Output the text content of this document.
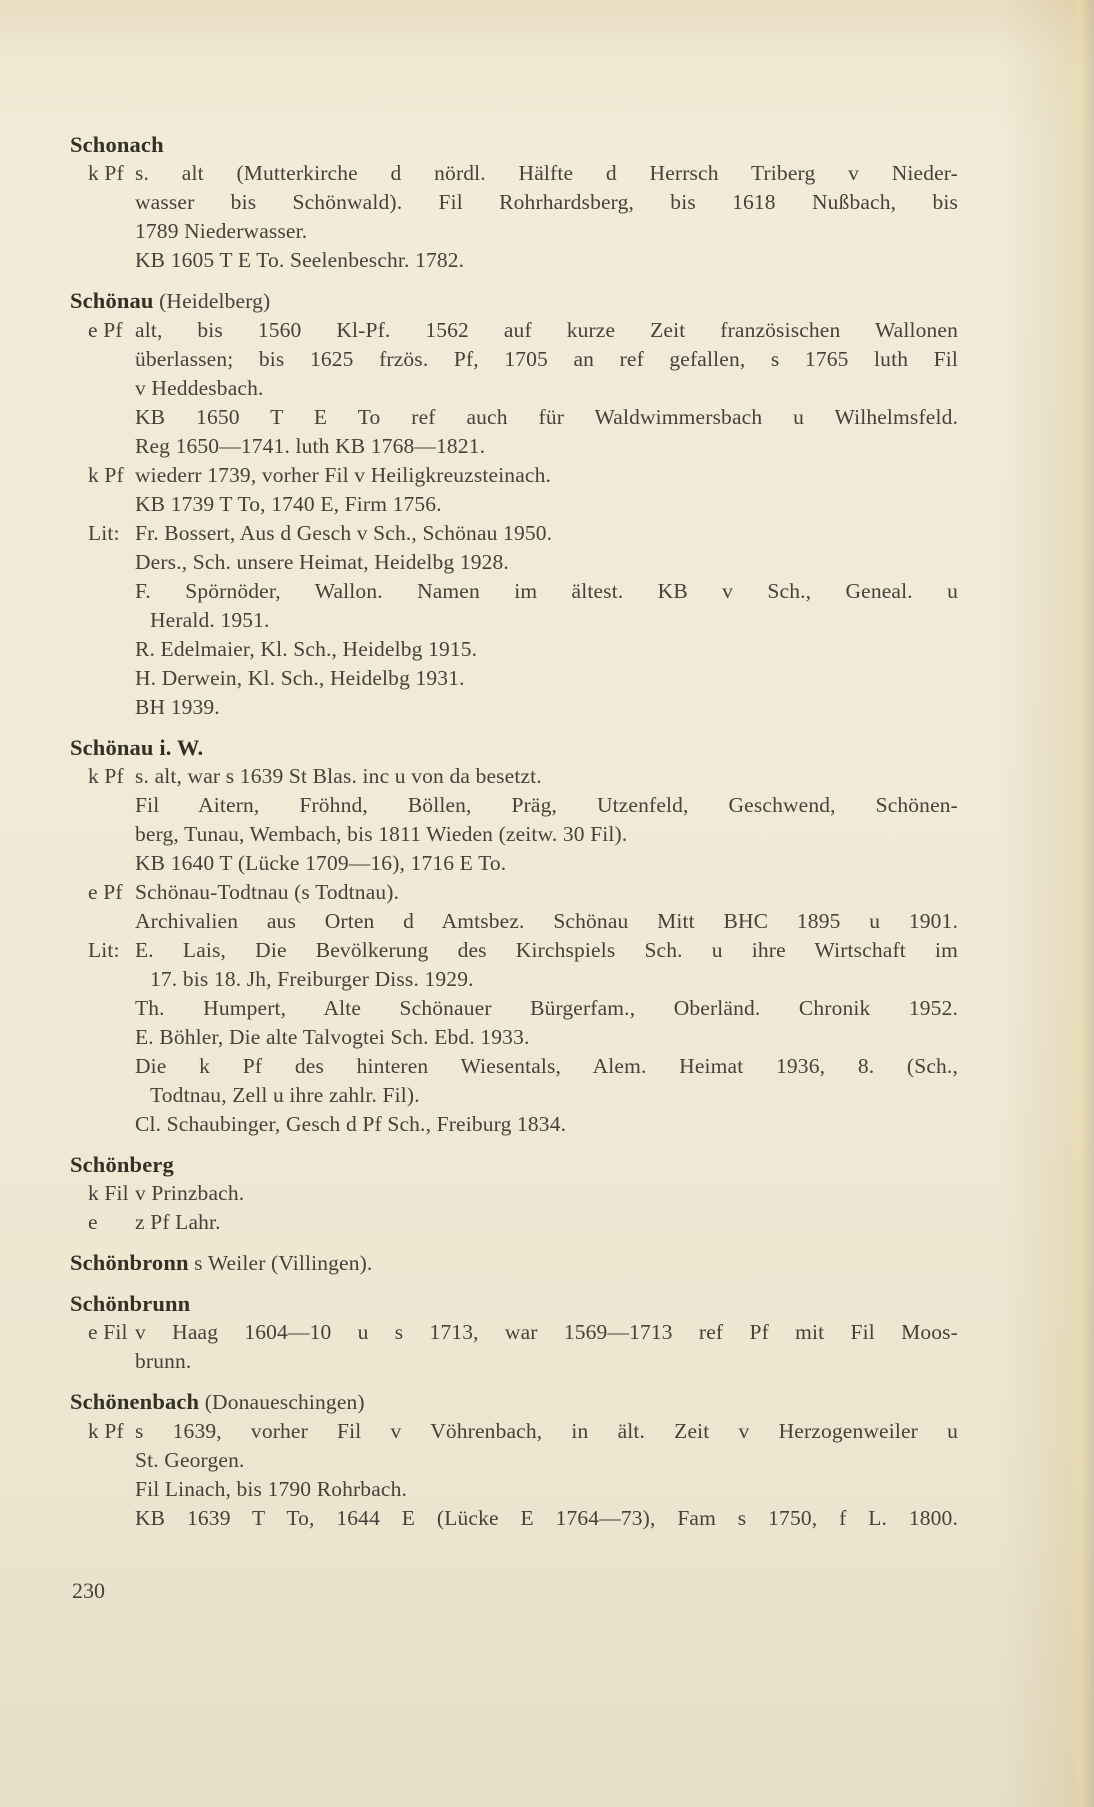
Schonach
k Pf s. alt (Mutterkirche d nördl. Hälfte d Herrsch Triberg v Nieder-
wasser bis Schönwald). Fil Rohrhardsberg, bis 1618 Nußbach, bis
1789 Niederwasser.
KB 1605 T E To. Seelenbeschr. 1782.
Schönau (Heidelberg)
e Pf alt, bis 1560 Kl-Pf. 1562 auf kurze Zeit französischen Wallonen
überlassen; bis 1625 frzös. Pf, 1705 an ref gefallen, s 1765 luth Fil
v Heddesbach.
KB 1650 T E To ref auch für Waldwimmersbach u Wilhelmsfeld.
Reg 1650—1741. luth KB 1768—1821.
k Pf wiederr 1739, vorher Fil v Heiligkreuzsteinach.
KB 1739 T To, 1740 E, Firm 1756.
Lit: Fr. Bossert, Aus d Gesch v Sch., Schönau 1950.
Ders., Sch. unsere Heimat, Heidelbg 1928.
F. Spörnöder, Wallon. Namen im ältest. KB v Sch., Geneal. u
Herald. 1951.
R. Edelmaier, Kl. Sch., Heidelbg 1915.
H. Derwein, Kl. Sch., Heidelbg 1931.
BH 1939.
Schönau i. W.
k Pf s. alt, war s 1639 St Blas. inc u von da besetzt.
Fil Aitern, Fröhnd, Böllen, Präg, Utzenfeld, Geschwend, Schönen-
berg, Tunau, Wembach, bis 1811 Wieden (zeitw. 30 Fil).
KB 1640 T (Lücke 1709—16), 1716 E To.
e Pf Schönau-Todtnau (s Todtnau).
Archivalien aus Orten d Amtsbez. Schönau Mitt BHC 1895 u 1901.
Lit: E. Lais, Die Bevölkerung des Kirchspiels Sch. u ihre Wirtschaft im
17. bis 18. Jh, Freiburger Diss. 1929.
Th. Humpert, Alte Schönauer Bürgerfam., Oberländ. Chronik 1952.
E. Böhler, Die alte Talvogtei Sch. Ebd. 1933.
Die k Pf des hinteren Wiesentals, Alem. Heimat 1936, 8. (Sch.,
Todtnau, Zell u ihre zahlr. Fil).
Cl. Schaubinger, Gesch d Pf Sch., Freiburg 1834.
Schönberg
k Fil v Prinzbach.
e	z Pf Lahr.
Schönbronn s Weiler (Villingen).
Schönbrunn
e Fil v Haag 1604—10 u s 1713, war 1569—1713 ref Pf mit Fil Moos-
brunn.
Schönenbach (Donaueschingen)
k Pf s 1639, vorher Fil v Vöhrenbach, in ält. Zeit v Herzogenweiler u
St. Georgen.
Fil Linach, bis 1790 Rohrbach.
KB 1639 T To, 1644 E (Lücke E 1764—73), Fam s 1750, f L. 1800.
230
